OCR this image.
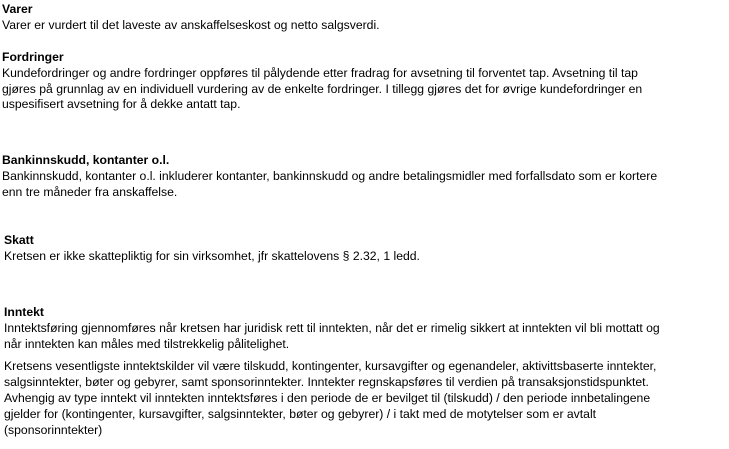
Varer
Varer er vurdert til det laveste av anskaffelseskost og netto salgsverdi.
Fordringer
Kundefordringer og andre fordringer oppføres til pålydende etter fradrag for avsetning til forventet tap. Avsetning til tap
gjøres på grunnlag av en individuell vurdering av de enkelte fordringer. I tillegg gjøres det for øvrige kundefordringer en
uspesifisert avsetning for å dekke antatt tap.
Bankinnskudd, kontanter o.l.
Bankinnskudd, kontanter o.l. inkluderer kontanter, bankinnskudd og andre betalingsmidler med forfallsdato som er kortere
enn tre måneder fra anskaffelse.
Skatt
Kretsen er ikke skattepliktig for sin virksomhet, jfr skattelovens § 2.32, 1 ledd.
Inntekt
Inntektsføring gjennomføres når kretsen har juridisk rett til inntekten, når det er rimelig sikkert at inntekten vil bli mottatt og
når inntekten kan måles med tilstrekkelig pålitelighet.
Kretsens vesentligste inntektskilder vil være tilskudd, kontingenter, kursavgifter og egenandeler, aktivittsbaserte inntekter,
salgsinntekter, bøter og gebyrer, samt sponsorinntekter. Inntekter regnskapsføres til verdien på transaksjonstidspunktet.
Avhengig av type inntekt vil inntekten inntektsføres i den periode de er bevilget til (tilskudd) / den periode innbetalingene
gjelder for (kontingenter, kursavgifter, salgsinntekter, bøter og gebyrer) / i takt med de motytelser som er avtalt
(sponsorinntekter)
